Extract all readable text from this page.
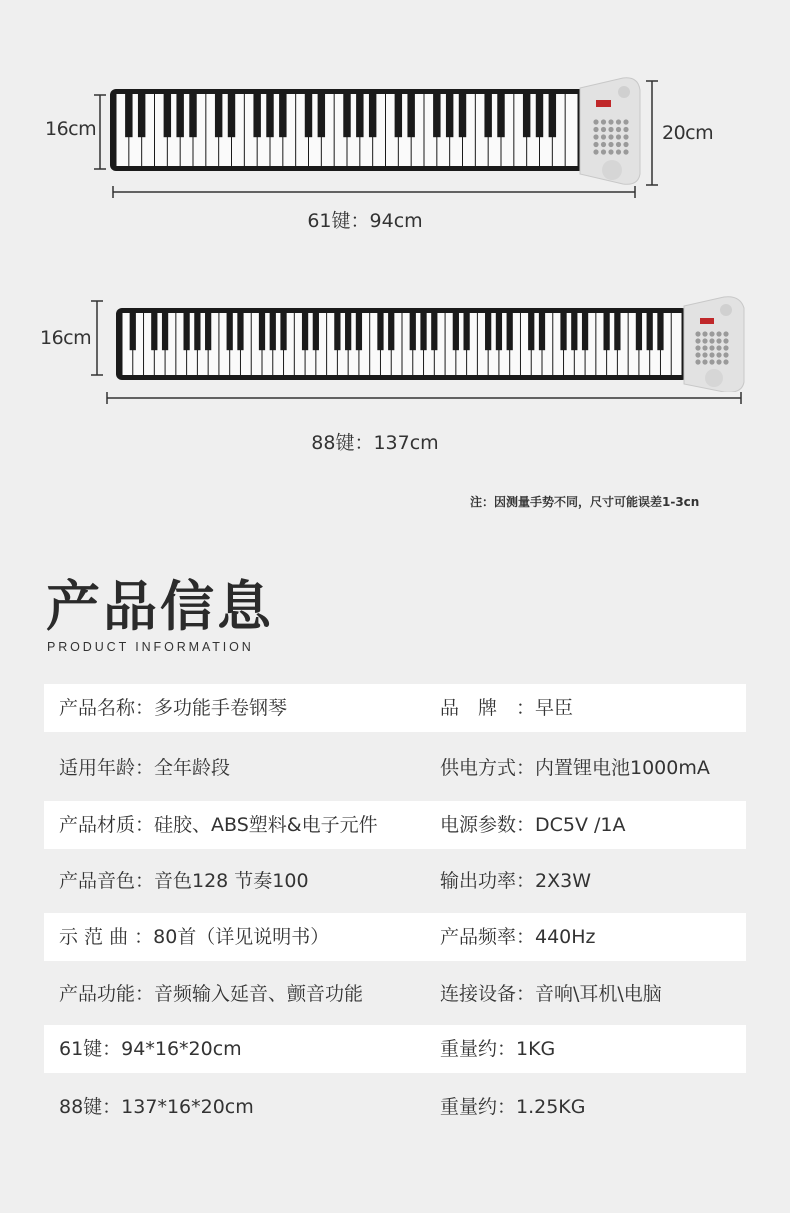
16cm	20cm
61键：94cm
16cm
88键：137cm
注：因测量手势不同，尺寸可能误差1-3cn
产品信息
PRODUCT INFORMATION
产品名称：多功能手卷钢琴	品　牌　：早臣
适用年龄：全年龄段	供电方式：内置锂电池1000mA
产品材质：硅胶、ABS塑料&电子元件	电源参数：DC5V /1A
产品音色：音色128 节奏100	输出功率：2X3W
示 范 曲 ：80首（详见说明书）	产品频率：440Hz
产品功能：音频输入延音、颤音功能	连接设备：音响\耳机\电脑
61键：94*16*20cm	重量约：1KG
88键：137*16*20cm	重量约：1.25KG
